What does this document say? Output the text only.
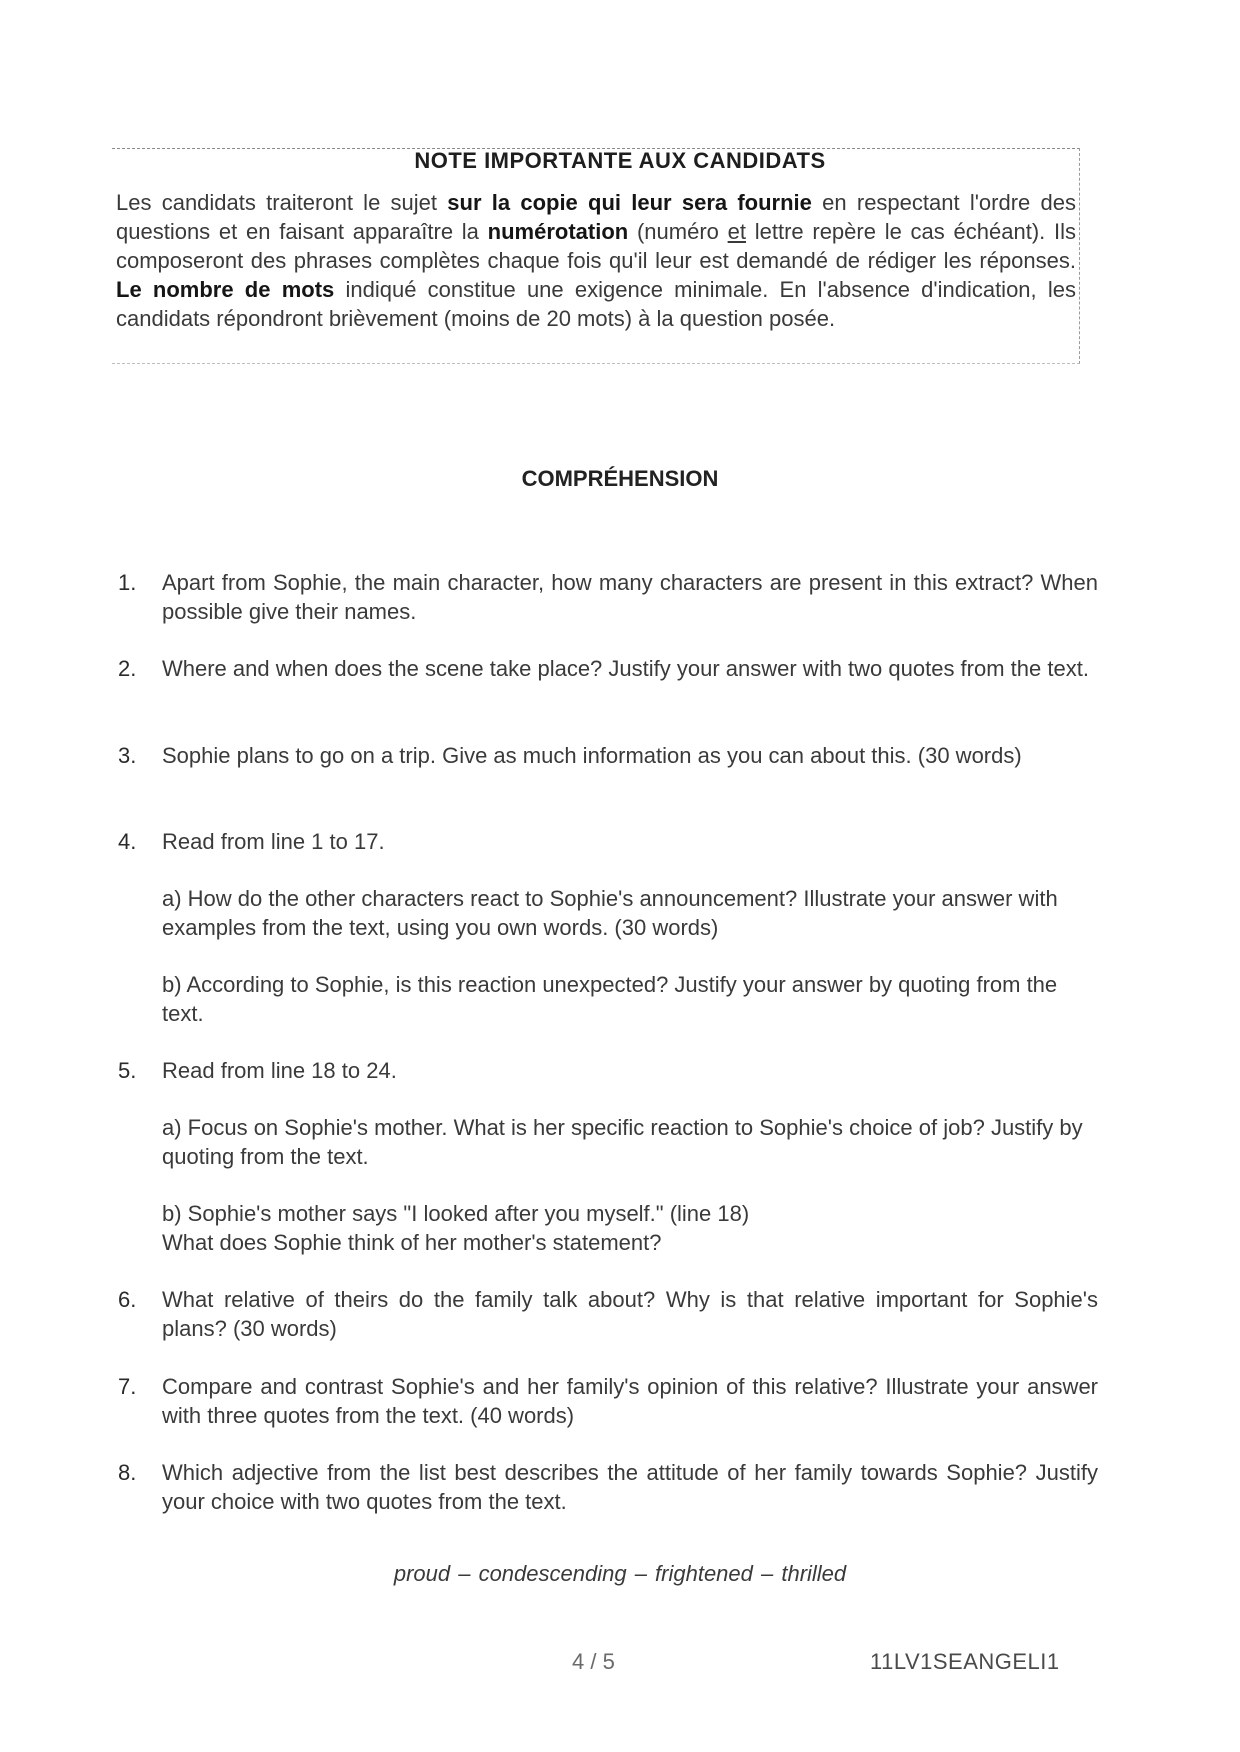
NOTE IMPORTANTE AUX CANDIDATS
Les candidats traiteront le sujet sur la copie qui leur sera fournie en respectant l'ordre des questions et en faisant apparaître la numérotation (numéro et lettre repère le cas échéant). Ils composeront des phrases complètes chaque fois qu'il leur est demandé de rédiger les réponses. Le nombre de mots indiqué constitue une exigence minimale. En l'absence d'indication, les candidats répondront brièvement (moins de 20 mots) à la question posée.
COMPRÉHENSION
1.	Apart from Sophie, the main character, how many characters are present in this extract? When possible give their names.
2.	Where and when does the scene take place? Justify your answer with two quotes from the text.
3.	Sophie plans to go on a trip. Give as much information as you can about this. (30 words)
4.	Read from line 1 to 17.
a) How do the other characters react to Sophie's announcement? Illustrate your answer with examples from the text, using you own words. (30 words)
b) According to Sophie, is this reaction unexpected? Justify your answer by quoting from the text.
5.	Read from line 18 to 24.
a) Focus on Sophie's mother. What is her specific reaction to Sophie's choice of job? Justify by quoting from the text.
b) Sophie's mother says "I looked after you myself." (line 18)
What does Sophie think of her mother's statement?
6.	What relative of theirs do the family talk about? Why is that relative important for Sophie's plans? (30 words)
7.	Compare and contrast Sophie's and her family's opinion of this relative? Illustrate your answer with three quotes from the text. (40 words)
8.	Which adjective from the list best describes the attitude of her family towards Sophie? Justify your choice with two quotes from the text.
proud – condescending – frightened – thrilled
4 / 5	11LV1SEANGELI1
